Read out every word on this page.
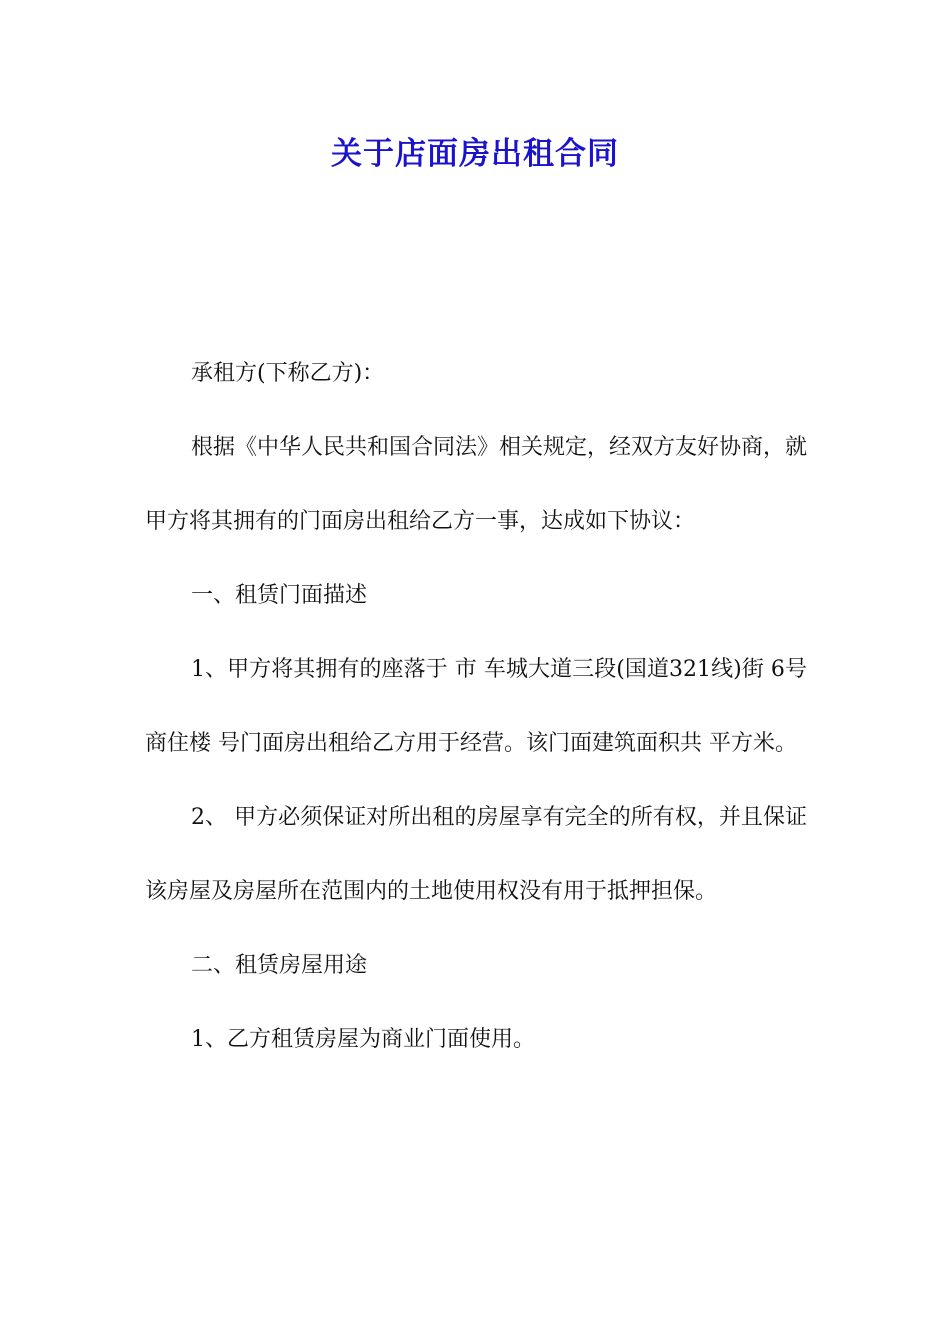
关于店面房出租合同

承租方(下称乙方)：

根据《中华人民共和国合同法》相关规定，经双方友好协商，就甲方将其拥有的门面房出租给乙方一事，达成如下协议：

一、租赁门面描述

1、甲方将其拥有的座落于 市 车城大道三段(国道321线)街 6号商住楼 号门面房出租给乙方用于经营。该门面建筑面积共 平方米。

2、 甲方必须保证对所出租的房屋享有完全的所有权，并且保证该房屋及房屋所在范围内的土地使用权没有用于抵押担保。

二、租赁房屋用途

1、乙方租赁房屋为商业门面使用。
